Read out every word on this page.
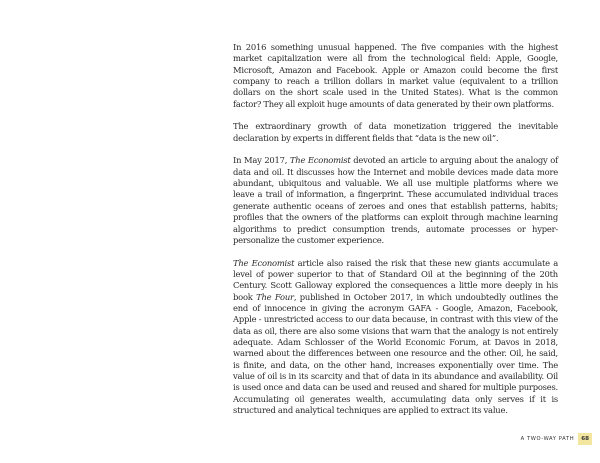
In 2016 something unusual happened. The five companies with the highest market capitalization were all from the technological field: Apple, Google, Microsoft, Amazon and Facebook. Apple or Amazon could become the first company to reach a trillion dollars in market value (equivalent to a trillion dollars on the short scale used in the United States). What is the common factor? They all exploit huge amounts of data generated by their own platforms.

The extraordinary growth of data monetization triggered the inevitable declaration by experts in different fields that “data is the new oil”.

In May 2017, The Economist devoted an article to arguing about the analogy of data and oil. It discusses how the Internet and mobile devices made data more abundant, ubiquitous and valuable. We all use multiple platforms where we leave a trail of information, a fingerprint. These accumulated individual traces generate authentic oceans of zeroes and ones that establish patterns, habits; profiles that the owners of the platforms can exploit through machine learning algorithms to predict consumption trends, automate processes or hyper-personalize the customer experience.

The Economist article also raised the risk that these new giants accumulate a level of power superior to that of Standard Oil at the beginning of the 20th Century. Scott Galloway explored the consequences a little more deeply in his book The Four, published in October 2017, in which undoubtedly outlines the end of innocence in giving the acronym GAFA - Google, Amazon, Facebook, Apple - unrestricted access to our data because, in contrast with this view of the data as oil, there are also some visions that warn that the analogy is not entirely adequate. Adam Schlosser of the World Economic Forum, at Davos in 2018, warned about the differences between one resource and the other. Oil, he said, is finite, and data, on the other hand, increases exponentially over time. The value of oil is in its scarcity and that of data in its abundance and availability. Oil is used once and data can be used and reused and shared for multiple purposes. Accumulating oil generates wealth, accumulating data only serves if it is structured and analytical techniques are applied to extract its value.

A TWO-WAY PATH	68
